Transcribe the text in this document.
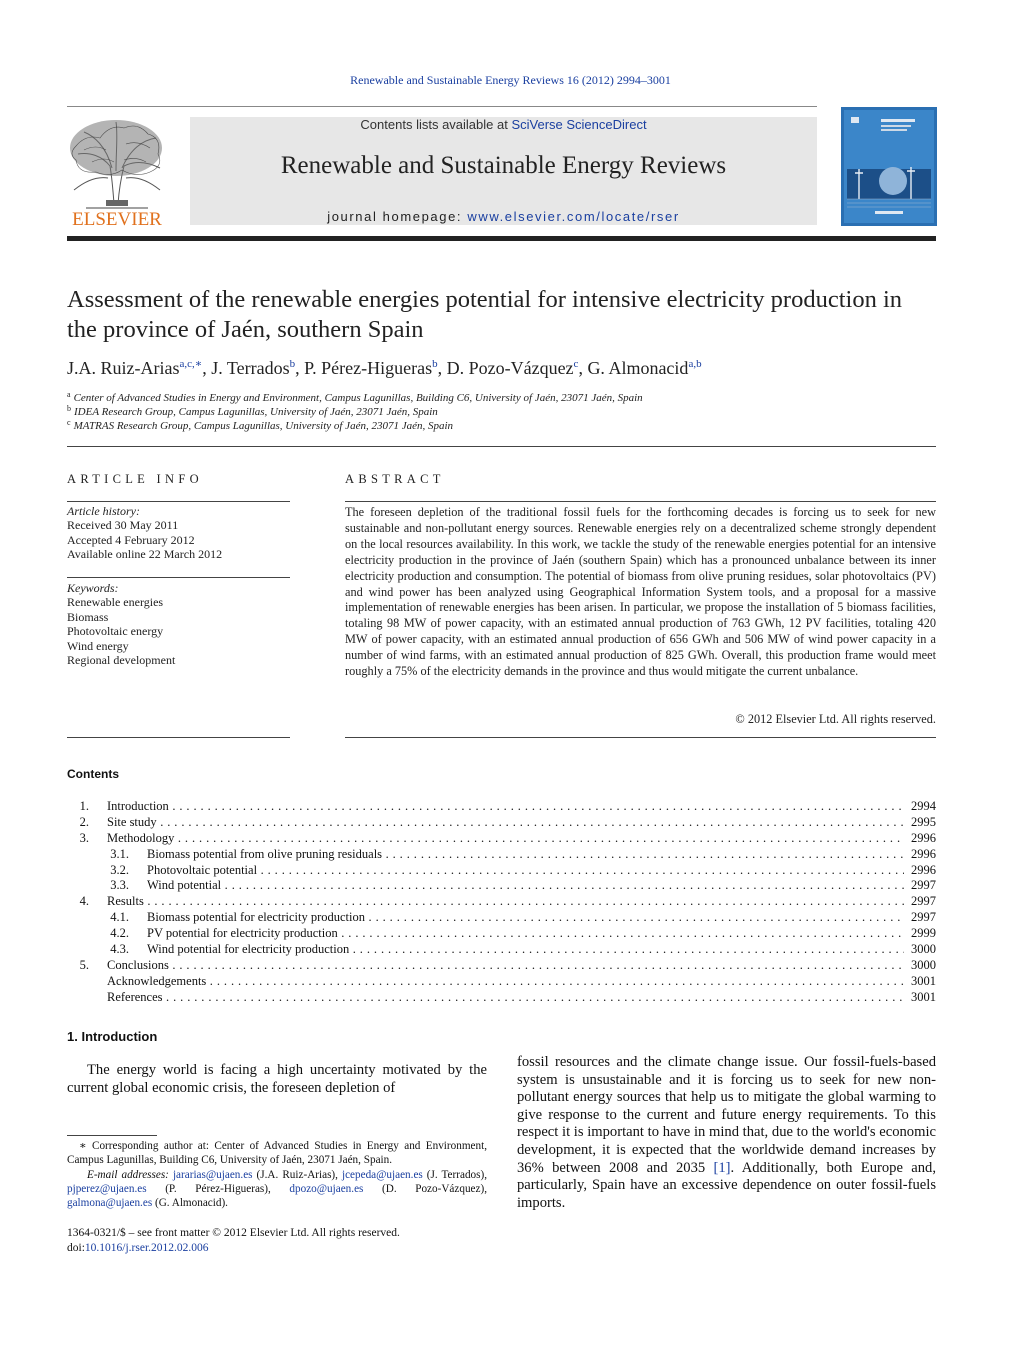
Renewable and Sustainable Energy Reviews 16 (2012) 2994–3001
ELSEVIER
Contents lists available at SciVerse ScienceDirect
Renewable and Sustainable Energy Reviews
journal homepage: www.elsevier.com/locate/rser
Assessment of the renewable energies potential for intensive electricity production in the province of Jaén, southern Spain
J.A. Ruiz-Arias$^{a,c,∗}$, J. Terrados$^b$, P. Pérez-Higueras$^b$, D. Pozo-Vázquez$^c$, G. Almonacid$^{a,b}$
$^a$ Center of Advanced Studies in Energy and Environment, Campus Lagunillas, Building C6, University of Jaén, 23071 Jaén, Spain
$^b$ IDEA Research Group, Campus Lagunillas, University of Jaén, 23071 Jaén, Spain
$^c$ MATRAS Research Group, Campus Lagunillas, University of Jaén, 23071 Jaén, Spain
ARTICLE INFO
Article history:
Received 30 May 2011
Accepted 4 February 2012
Available online 22 March 2012
Keywords:
Renewable energies
Biomass
Photovoltaic energy
Wind energy
Regional development
ABSTRACT
The foreseen depletion of the traditional fossil fuels for the forthcoming decades is forcing us to seek for new sustainable and non-pollutant energy sources. Renewable energies rely on a decentralized scheme strongly dependent on the local resources availability. In this work, we tackle the study of the renewable energies potential for an intensive electricity production in the province of Jaén (southern Spain) which has a pronounced unbalance between its inner electricity production and consumption. The potential of biomass from olive pruning residues, solar photovoltaics (PV) and wind power has been analyzed using Geographical Information System tools, and a proposal for a massive implementation of renewable energies has been arisen. In particular, we propose the installation of 5 biomass facilities, totaling 98 MW of power capacity, with an estimated annual production of 763 GWh, 12 PV facilities, totaling 420 MW of power capacity, with an estimated annual production of 656 GWh and 506 MW of wind power capacity in a number of wind farms, with an estimated annual production of 825 GWh. Overall, this production frame would meet roughly a 75% of the electricity demands in the province and thus would mitigate the current unbalance.
© 2012 Elsevier Ltd. All rights reserved.
Contents
1. Introduction . . .	2994
2. Site study . . .	2995
3. Methodology . . .	2996
3.1. Biomass potential from olive pruning residuals . . .	2996
3.2. Photovoltaic potential . . .	2996
3.3. Wind potential . . .	2997
4. Results . . .	2997
4.1. Biomass potential for electricity production . . .	2997
4.2. PV potential for electricity production . . .	2999
4.3. Wind potential for electricity production . . .	3000
5. Conclusions . . .	3000
Acknowledgements . . .	3001
References . . .	3001
1. Introduction
The energy world is facing a high uncertainty motivated by the current global economic crisis, the foreseen depletion of
fossil resources and the climate change issue. Our fossil-fuels-based system is unsustainable and it is forcing us to seek for new non-pollutant energy sources that help us to mitigate the global warming to give response to the current and future energy requirements. To this respect it is important to have in mind that, due to the world's economic development, it is expected that the worldwide demand increases by 36% between 2008 and 2035 [1]. Additionally, both Europe and, particularly, Spain have an excessive dependence on outer fossil-fuels imports.
∗ Corresponding author at: Center of Advanced Studies in Energy and Environment, Campus Lagunillas, Building C6, University of Jaén, 23071 Jaén, Spain.
E-mail addresses: jararias@ujaen.es (J.A. Ruiz-Arias), jcepeda@ujaen.es (J. Terrados), pjperez@ujaen.es (P. Pérez-Higueras), dpozo@ujaen.es (D. Pozo-Vázquez), galmona@ujaen.es (G. Almonacid).
1364-0321/$ – see front matter © 2012 Elsevier Ltd. All rights reserved.
doi:10.1016/j.rser.2012.02.006
